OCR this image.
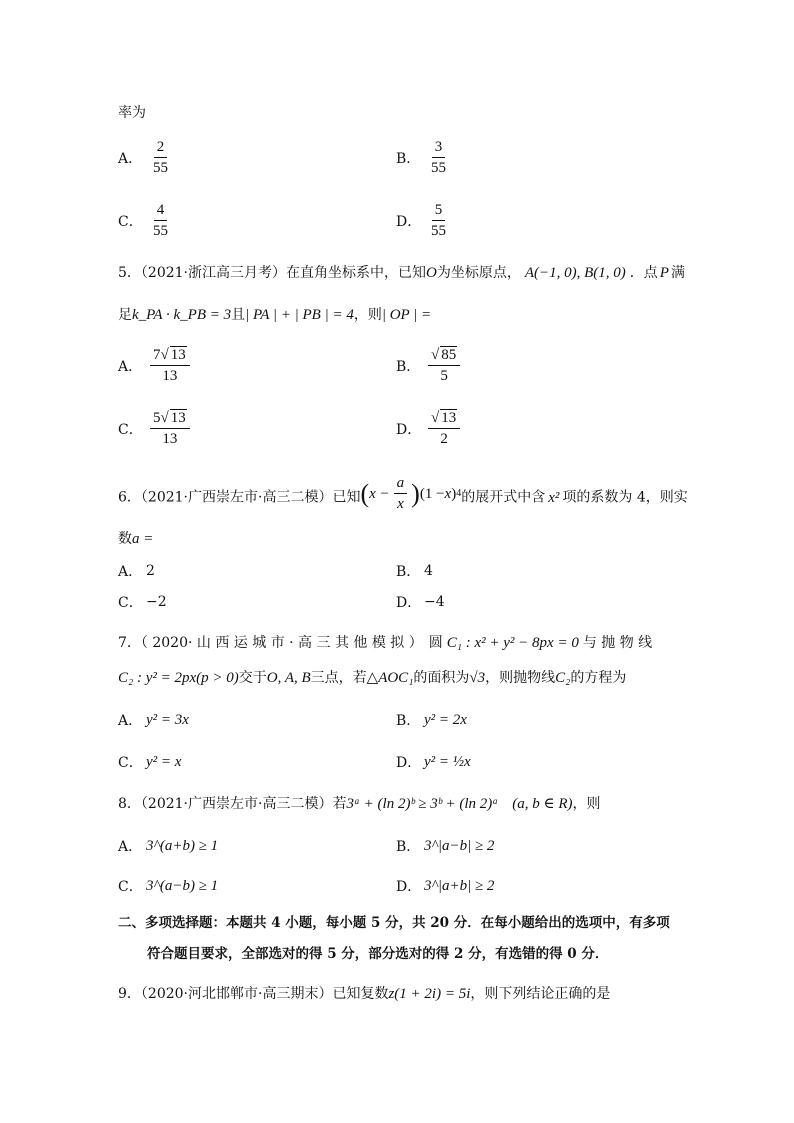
率为
A． $\frac{2}{55}$	B． $\frac{3}{55}$
C． $\frac{4}{55}$	D． $\frac{5}{55}$
5．（2021·浙江高三月考）在直角坐标系中，已知O为坐标原点， A(−1, 0), B(1, 0) ．点 P 满
足k_PA · k_PB = 3且| PA | + | PB | = 4，则| OP | =
A． $\frac{7√ 13}{13}$	B． $\frac{√ 85}{5}$
C． $\frac{5√ 13}{13}$	D． $\frac{√ 13}{2}$
6．（2021·广西崇左市·高三二模）已知 ( $x - \frac{a}{x}$ ) (1 − x ) 4 的展开式中含 x² 项的系数为 4，则实
数a =
A． 2	B． 4
C． −2	D． −4
7．（ 2020· 山 西 运 城 市 · 高 三 其 他 模 拟 ） 圆 C₁ : x² + y² − 8px = 0 与 抛 物 线
C₂ : y² = 2px(p > 0)交于O, A, B三点，若△AOC₁的面积为√3，则抛物线C₂的方程为
A． y² = 3x	B． y² = 2x
C． y² = x	D． y² = ½x
8．（2021·广西崇左市·高三二模）若3ᵃ + (ln 2)ᵇ ≥ 3ᵇ + (ln 2)ᵃ (a, b ∈ R)，则
A． 3^(a+b) ≥ 1	B． 3^|a−b| ≥ 2
C． 3^(a−b) ≥ 1	D． 3^|a+b| ≥ 2
二、多项选择题：本题共 4 小题，每小题 5 分，共 20 分．在每小题给出的选项中，有多项
符合题目要求，全部选对的得 5 分，部分选对的得 2 分，有选错的得 0 分．
9．（2020·河北邯郸市·高三期末）已知复数z(1 + 2i) = 5i，则下列结论正确的是
